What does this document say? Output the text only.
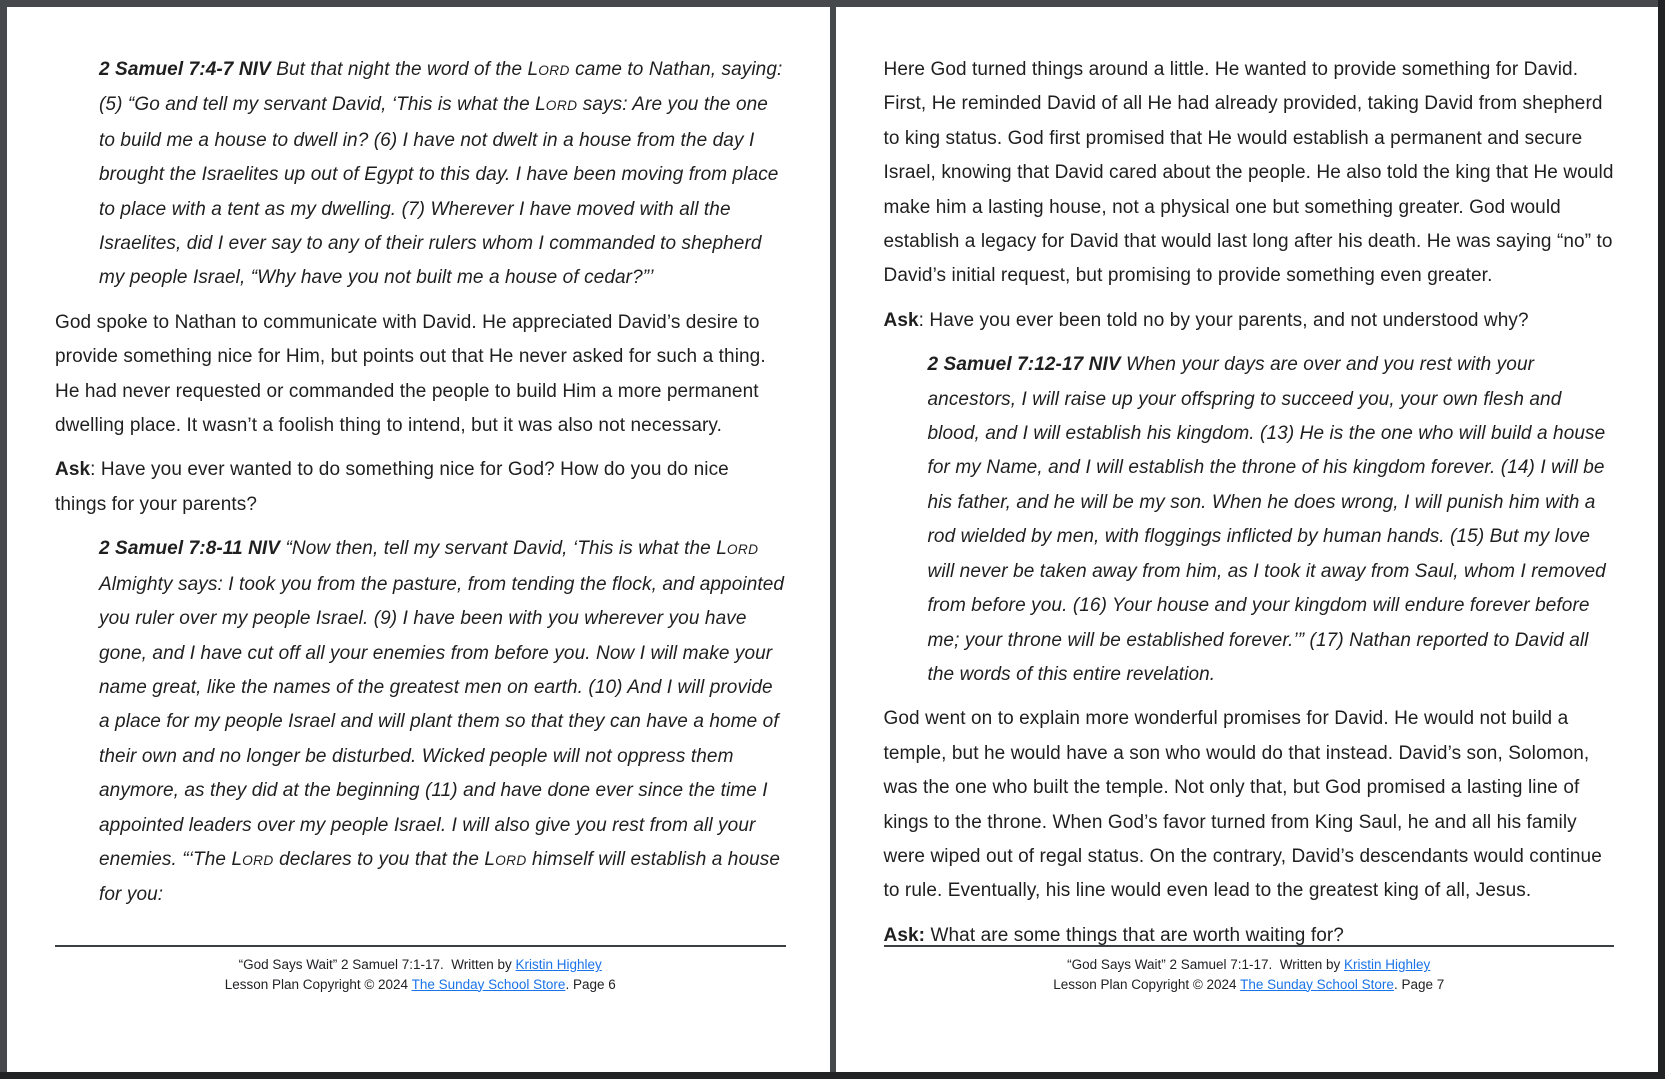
2 Samuel 7:4-7 NIV But that night the word of the LORD came to Nathan, saying: (5) “Go and tell my servant David, ‘This is what the LORD says: Are you the one to build me a house to dwell in? (6) I have not dwelt in a house from the day I brought the Israelites up out of Egypt to this day. I have been moving from place to place with a tent as my dwelling. (7) Wherever I have moved with all the Israelites, did I ever say to any of their rulers whom I commanded to shepherd my people Israel, “Why have you not built me a house of cedar?”’
God spoke to Nathan to communicate with David. He appreciated David’s desire to provide something nice for Him, but points out that He never asked for such a thing. He had never requested or commanded the people to build Him a more permanent dwelling place. It wasn’t a foolish thing to intend, but it was also not necessary.
Ask: Have you ever wanted to do something nice for God? How do you do nice things for your parents?
2 Samuel 7:8-11 NIV “Now then, tell my servant David, ‘This is what the LORD Almighty says: I took you from the pasture, from tending the flock, and appointed you ruler over my people Israel. (9) I have been with you wherever you have gone, and I have cut off all your enemies from before you. Now I will make your name great, like the names of the greatest men on earth. (10) And I will provide a place for my people Israel and will plant them so that they can have a home of their own and no longer be disturbed. Wicked people will not oppress them anymore, as they did at the beginning (11) and have done ever since the time I appointed leaders over my people Israel. I will also give you rest from all your enemies. “‘The LORD declares to you that the LORD himself will establish a house for you:
“God Says Wait” 2 Samuel 7:1-17.  Written by Kristin Highley
Lesson Plan Copyright © 2024 The Sunday School Store. Page 6
Here God turned things around a little. He wanted to provide something for David. First, He reminded David of all He had already provided, taking David from shepherd to king status. God first promised that He would establish a permanent and secure Israel, knowing that David cared about the people. He also told the king that He would make him a lasting house, not a physical one but something greater. God would establish a legacy for David that would last long after his death. He was saying “no” to David’s initial request, but promising to provide something even greater.
Ask: Have you ever been told no by your parents, and not understood why?
2 Samuel 7:12-17 NIV When your days are over and you rest with your ancestors, I will raise up your offspring to succeed you, your own flesh and blood, and I will establish his kingdom. (13) He is the one who will build a house for my Name, and I will establish the throne of his kingdom forever. (14) I will be his father, and he will be my son. When he does wrong, I will punish him with a rod wielded by men, with floggings inflicted by human hands. (15) But my love will never be taken away from him, as I took it away from Saul, whom I removed from before you. (16) Your house and your kingdom will endure forever before me; your throne will be established forever.’” (17) Nathan reported to David all the words of this entire revelation.
God went on to explain more wonderful promises for David. He would not build a temple, but he would have a son who would do that instead. David’s son, Solomon, was the one who built the temple. Not only that, but God promised a lasting line of kings to the throne. When God’s favor turned from King Saul, he and all his family were wiped out of regal status. On the contrary, David’s descendants would continue to rule. Eventually, his line would even lead to the greatest king of all, Jesus.
Ask: What are some things that are worth waiting for?
“God Says Wait” 2 Samuel 7:1-17.  Written by Kristin Highley
Lesson Plan Copyright © 2024 The Sunday School Store. Page 7
